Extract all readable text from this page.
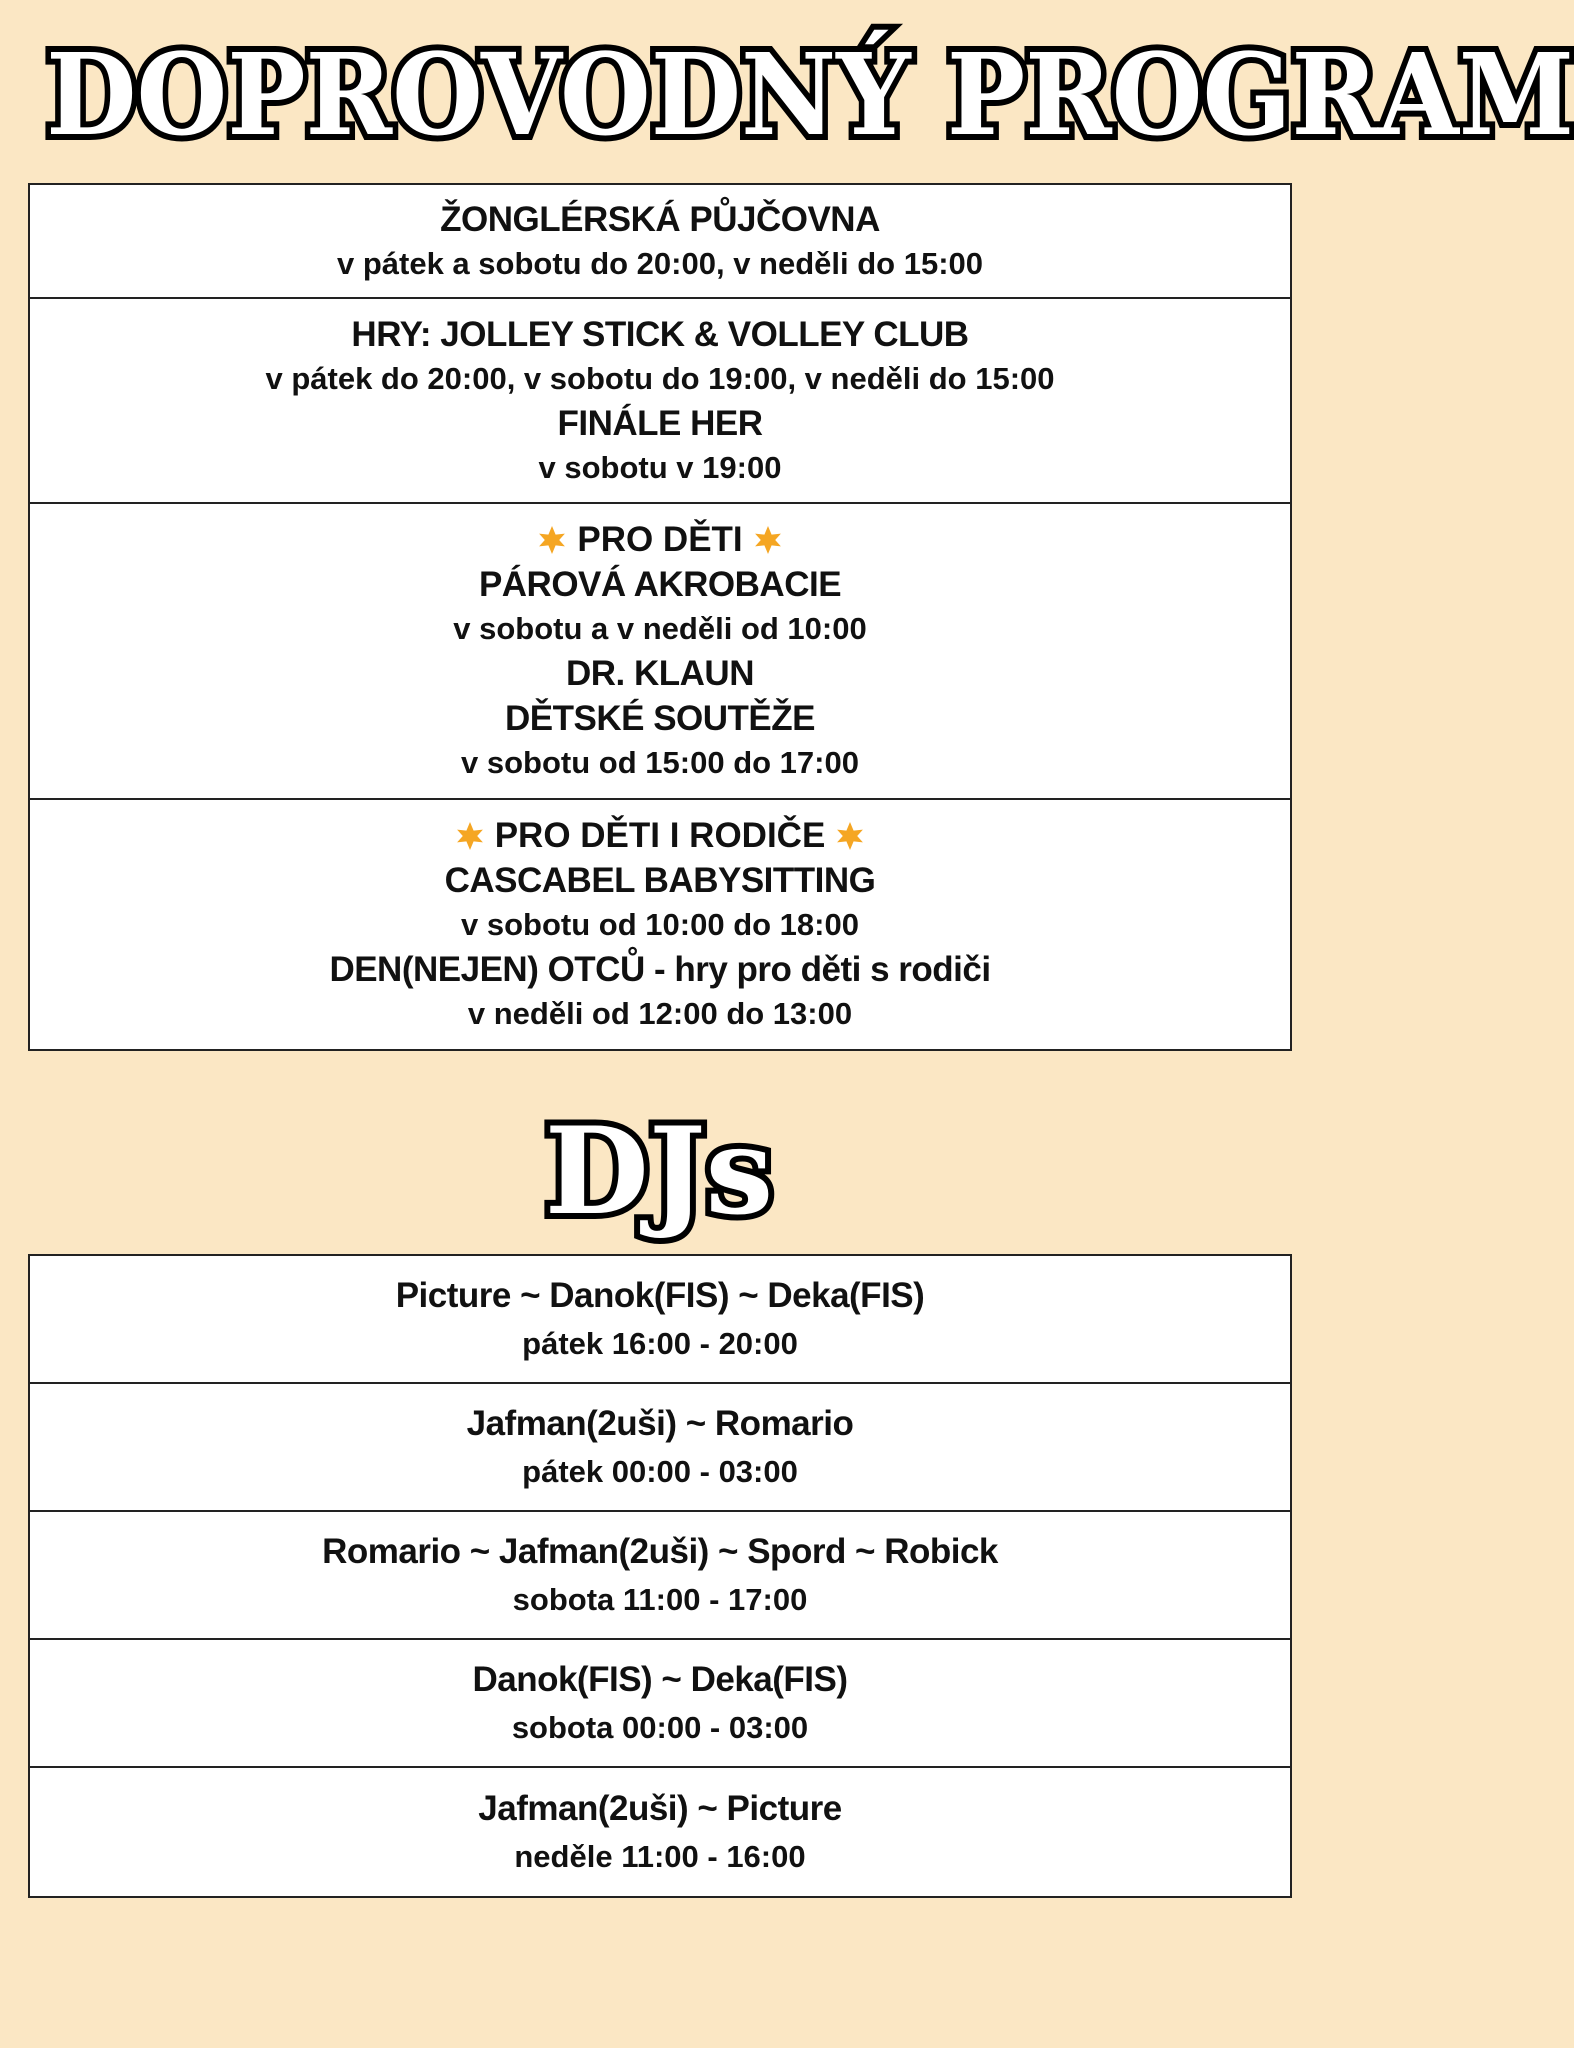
DOPROVODNÝ PROGRAM
ŽONGLÉRSKÁ PŮJČOVNA
v pátek a sobotu do 20:00, v neděli do 15:00
HRY: JOLLEY STICK & VOLLEY CLUB
v pátek do 20:00, v sobotu do 19:00, v neděli do 15:00
FINÁLE HER
v sobotu v 19:00
PRO DĚTI
PÁROVÁ AKROBACIE
v sobotu a v neděli od 10:00
DR. KLAUN
DĚTSKÉ SOUTĚŽE
v sobotu od 15:00 do 17:00
PRO DĚTI I RODIČE
CASCABEL BABYSITTING
v sobotu od 10:00 do 18:00
DEN(NEJEN) OTCŮ - hry pro děti s rodiči
v neděli od 12:00 do 13:00
DJs
Picture ~ Danok(FIS) ~ Deka(FIS)
pátek 16:00 - 20:00
Jafman(2uši) ~ Romario
pátek 00:00 - 03:00
Romario ~ Jafman(2uši) ~ Spord ~ Robick
sobota 11:00 - 17:00
Danok(FIS) ~ Deka(FIS)
sobota 00:00 - 03:00
Jafman(2uši) ~ Picture
neděle 11:00 - 16:00
